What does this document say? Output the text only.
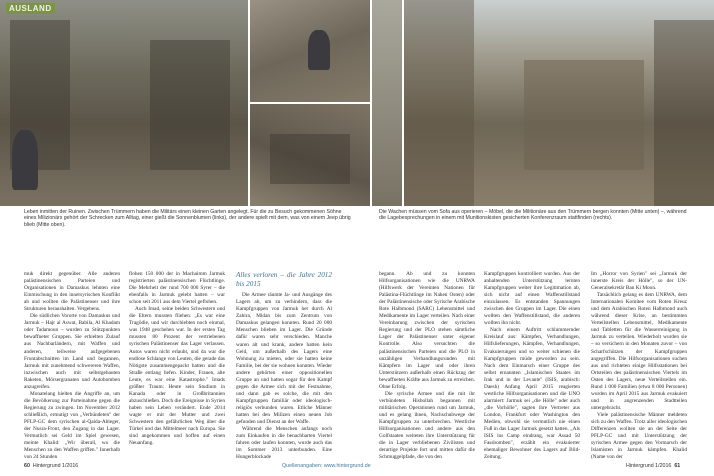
AUSLAND
Leben inmitten der Ruinen. Zwischen Trümmern haben die Militärs einen kleinen Garten angelegt. Für die zu Besuch gekommenen Söhne eines Milizionärs gehört der Schrecken zum Alltag, einer gießt die Sonnenblumen (links), der andere spielt mit dem, was von einem Jeep übrig blieb (Mitte oben).
Die Wachen müssen vom Sofa aus operieren – Möbel, die die Militionäre aus den Trümmern bergen konnten (Mitte unten) –, während die Lagebesprechungen in einem mit Munitionskisten gesicherten Konferenzraum stattfinden (rechts).

muk direkt gegenüber. Alle anderen palästinensischen Parteien und Organisationen in Damaskus lehnten eine Einmischung in den innersyrischen Konflikt ab und wollten die Palästinenser und ihre Strukturen heraushalten. Vergebens.

Die südlichen Vororte von Damaskus und Jarmuk – Hajr al Aswat, Babila, Al Khadam oder Tadamoun – wurden zu Stützpunkten bewaffneter Gruppen. Sie erhielten Zulauf aus Nachbarländern, mit Waffen und anderen, teilweise aufgegebenen Frontabschnitten im Land und begannen, Jarmuk mit zunehmend schwereren Waffen, inzwischen auch mit selbstgebauten Raketen, Mörsergranaten und Autobomben anzugreifen.

Monatelang hielten die Angriffe an, um die Bevölkerung zur Parteinahme gegen die Regierung zu zwingen. Im November 2012 schließlich, ermutigt von „Verbündeten" der PFLP-GC dem syrischen al-Qaida-Ableger, der Nusra-Front, den Zugang in das Lager. Vermutlich sei Geld im Spiel gewesen, meinte Khalid: „Wir überall, wo die Menschen zu den Waffen griffen." Innerhalb von 24 Stunden

flohen 150 000 der in Machaimm Jarmuk registrierten palästinensischen Flüchtlinge. Die Mehrheit der rund 700 000 Syrer – die ebenfalls in Jarmuk gelebt hatten – war schon seit 2011 aus dem Viertel geflohen.

Auch Imad, seine beiden Schwestern und die Eltern mussten fliehen. „Es war eine Tragödie, und wir durchlebten noch einmal, was 1948 geschehen war. In der ersten Tag mussten 80 Prozent der vertriebenen syrischen Palästinenser das Lager verlassen. Autos waren nicht erlaubt, und da war die endlose Schlange von Leuten, die gerade das Nötigste zusammengepackt hatten und die Straße entlang liefen. Kinder, Frauen, alte Leute, es war eine Katastrophe." Imads größter Traum: Heute sein Studium in Kanada oder in Großbritannien abzuschließen. Doch die Ereignisse in Syrien haben sein Leben verändert. Ende 2014 wagte er mit der Mutter und zwei Schwestern den gefährlichen Weg über die Türkei und das Mittelmeer nach Europa. Sie sind angekommen und hoffen auf einen Neuanfang.

Alles verloren – die Jahre 2012 bis 2015

Die Armee räumte Ja- und Ausgänge des Lagers ab, um zu verhindern, dass die Kampfgruppen von Jarmuk her durch Al Zahira, Midan bis zum Zentrum von Damaskus gelangen konnten. Rund 20 000 Menschen blieben im Lager. Die Gründe dafür waren sehr verschieden. Manche waren alt und krank, andere hatten kein Geld, um außerhalb des Lagers eine Wohnung zu mieten, oder sie hatten keine Familie, bei der sie wohnen konnten. Wieder andere gehörten einer oppositionellen Gruppe an und hatten sogar für den Kampf gegen die Armee sich mit der Festnahme, und dann gab es solche, die mit den Kampfgruppen familiär oder ideologisch-religiös verbunden waren. Etliche Männer hatten bei den Milizen einen neuen Job gefunden und Dienst an der Waffe.

Während die Menschen anfangs noch zum Einkaufen in die benachbarten Viertel fahren oder laufen konnten, wurde auch das im Sommer 2013 unterbunden. Eine Hungerblockade

begann. Ab und zu konnten Hilfsorganisationen wie die UNRWA (Hilfswerk der Vereinten Nationen für Palästina-Flüchtlinge im Nahen Osten) oder der Palästinensische oder Syrische Arabische Rote Halbmond (SARC) Lebensmittel und Medikamente im Lager verteilen. Nach einer Vereinbarung zwischen der syrischen Regierung und der PLO stehen sämtliche Lager der Palästinenser unter eigener Kontrolle. Also versuchten die palästinensischen Parteien und die PLO in unzähligen Verhandlungsrunden mit Kämpfern im Lager und oder ihren Unterstützern außerhalb einen Rückzug der bewaffneten Kräfte aus Jarmuk zu erreichen. Ohne Erfolg.

Die syrische Armee und die mit ihr verbündeten Hisbollah begannen mit militärischen Operationen rund um Jarmuk, und es gelang ihnen, Nachschubwege der Kampfgruppen zu unterbrechen. Westliche Hilfsorganisationen und andere aus den Golfstaaten weiteten ihre Unterstützung für die in Lager verbliebenen Zivilisten und derartige Projekte fort und mitten dafür die Schmuggelpfade, die von den

Kampfgruppen kontrolliert wurden. Aus der anhaltenden Unterstützung lernten Kampfgruppen weiter ihre Legitimation ab, sich nicht auf einen Waffenstillstand einzulassen. Es entstanden Spannungen zwischen den Gruppen im Lager. Die einen wollten den Waffenstillstand, die anderen wollten ihn nicht.

Nach einem Auftritt schlummernder Kreislauf aus: Kämpfen, Verhandlungen, Hilfslieferungen, Kämpfen, Verhandlungen, Evakuierungen und so weiter schienen die Kampfgruppen müde geworden zu sein. Nach dem Einmarsch einer Gruppe des selbst ernannten „Islamischen Staates im Irak und in der Levante" (ISIS, arabisch: Daesh) Anfang April 2015 reagierten westliche Hilfsorganisationen und die UNO alarmiert: Jarmuk sei „die Hölle" oder auch „die Vorhölle", sagten ihre Vertreter aus London, Frankfurt oder Washington den Medien, obwohl sie vermutlich nie einen Fuß in das Lager Jarmuk gesetzt hatten. „Als ISIS ins Camp eindrang, war Assad 50 Fassbomben", erzählt ein evakuierter ehemaliger Bewohner des Lagers auf Bild-Zeitung.

Im „Horror von Syrien" sei „Jarmuk der innerste Kreis der Hölle", so der UN-Generalsekretär Ban Ki Moon.

Tatsächlich gelang es dem UNRWA, dem Internationalen Komitee vom Roten Kreuz und dem Arabischen Roten Halbmond auch während dieser Krise, an bestimmten Verteilstellen Lebensmittel, Medikamente und Tabletten für die Wasserreinigung in Jarmuk zu verteilen. Wiederholt wurden sie – so versichern in den Monaten zuvor – von Scharfschützen der Kampfgruppen angegriffen. Die Hilfsorganisationen suchen aus und richteten einige Hilfsstationen bei Ortsteilen des palästinensischen Viertels im Osten des Lagers, neue Verteilstellen ein. Rund 1 000 Familien (etwa 8 000 Personen) wurden im April 2015 aus Jarmuk evakuiert und in angrenzenden Stadtteilen untergebracht.

Viele palästinensische Männer meldeten sich zu den Waffen. Trotz aller ideologischen Differenzen wollten sie an der Seite der PFLP-GC und mit Unterstützung der syrischen Armee gegen den Vormarsch der Islamisten in Jarmuk kämpfen. Khalid (Name von der

60 Hintergrund 1/2016	Quellenangaben: www.hintergrund.de	Hintergrund 1/2016 61
